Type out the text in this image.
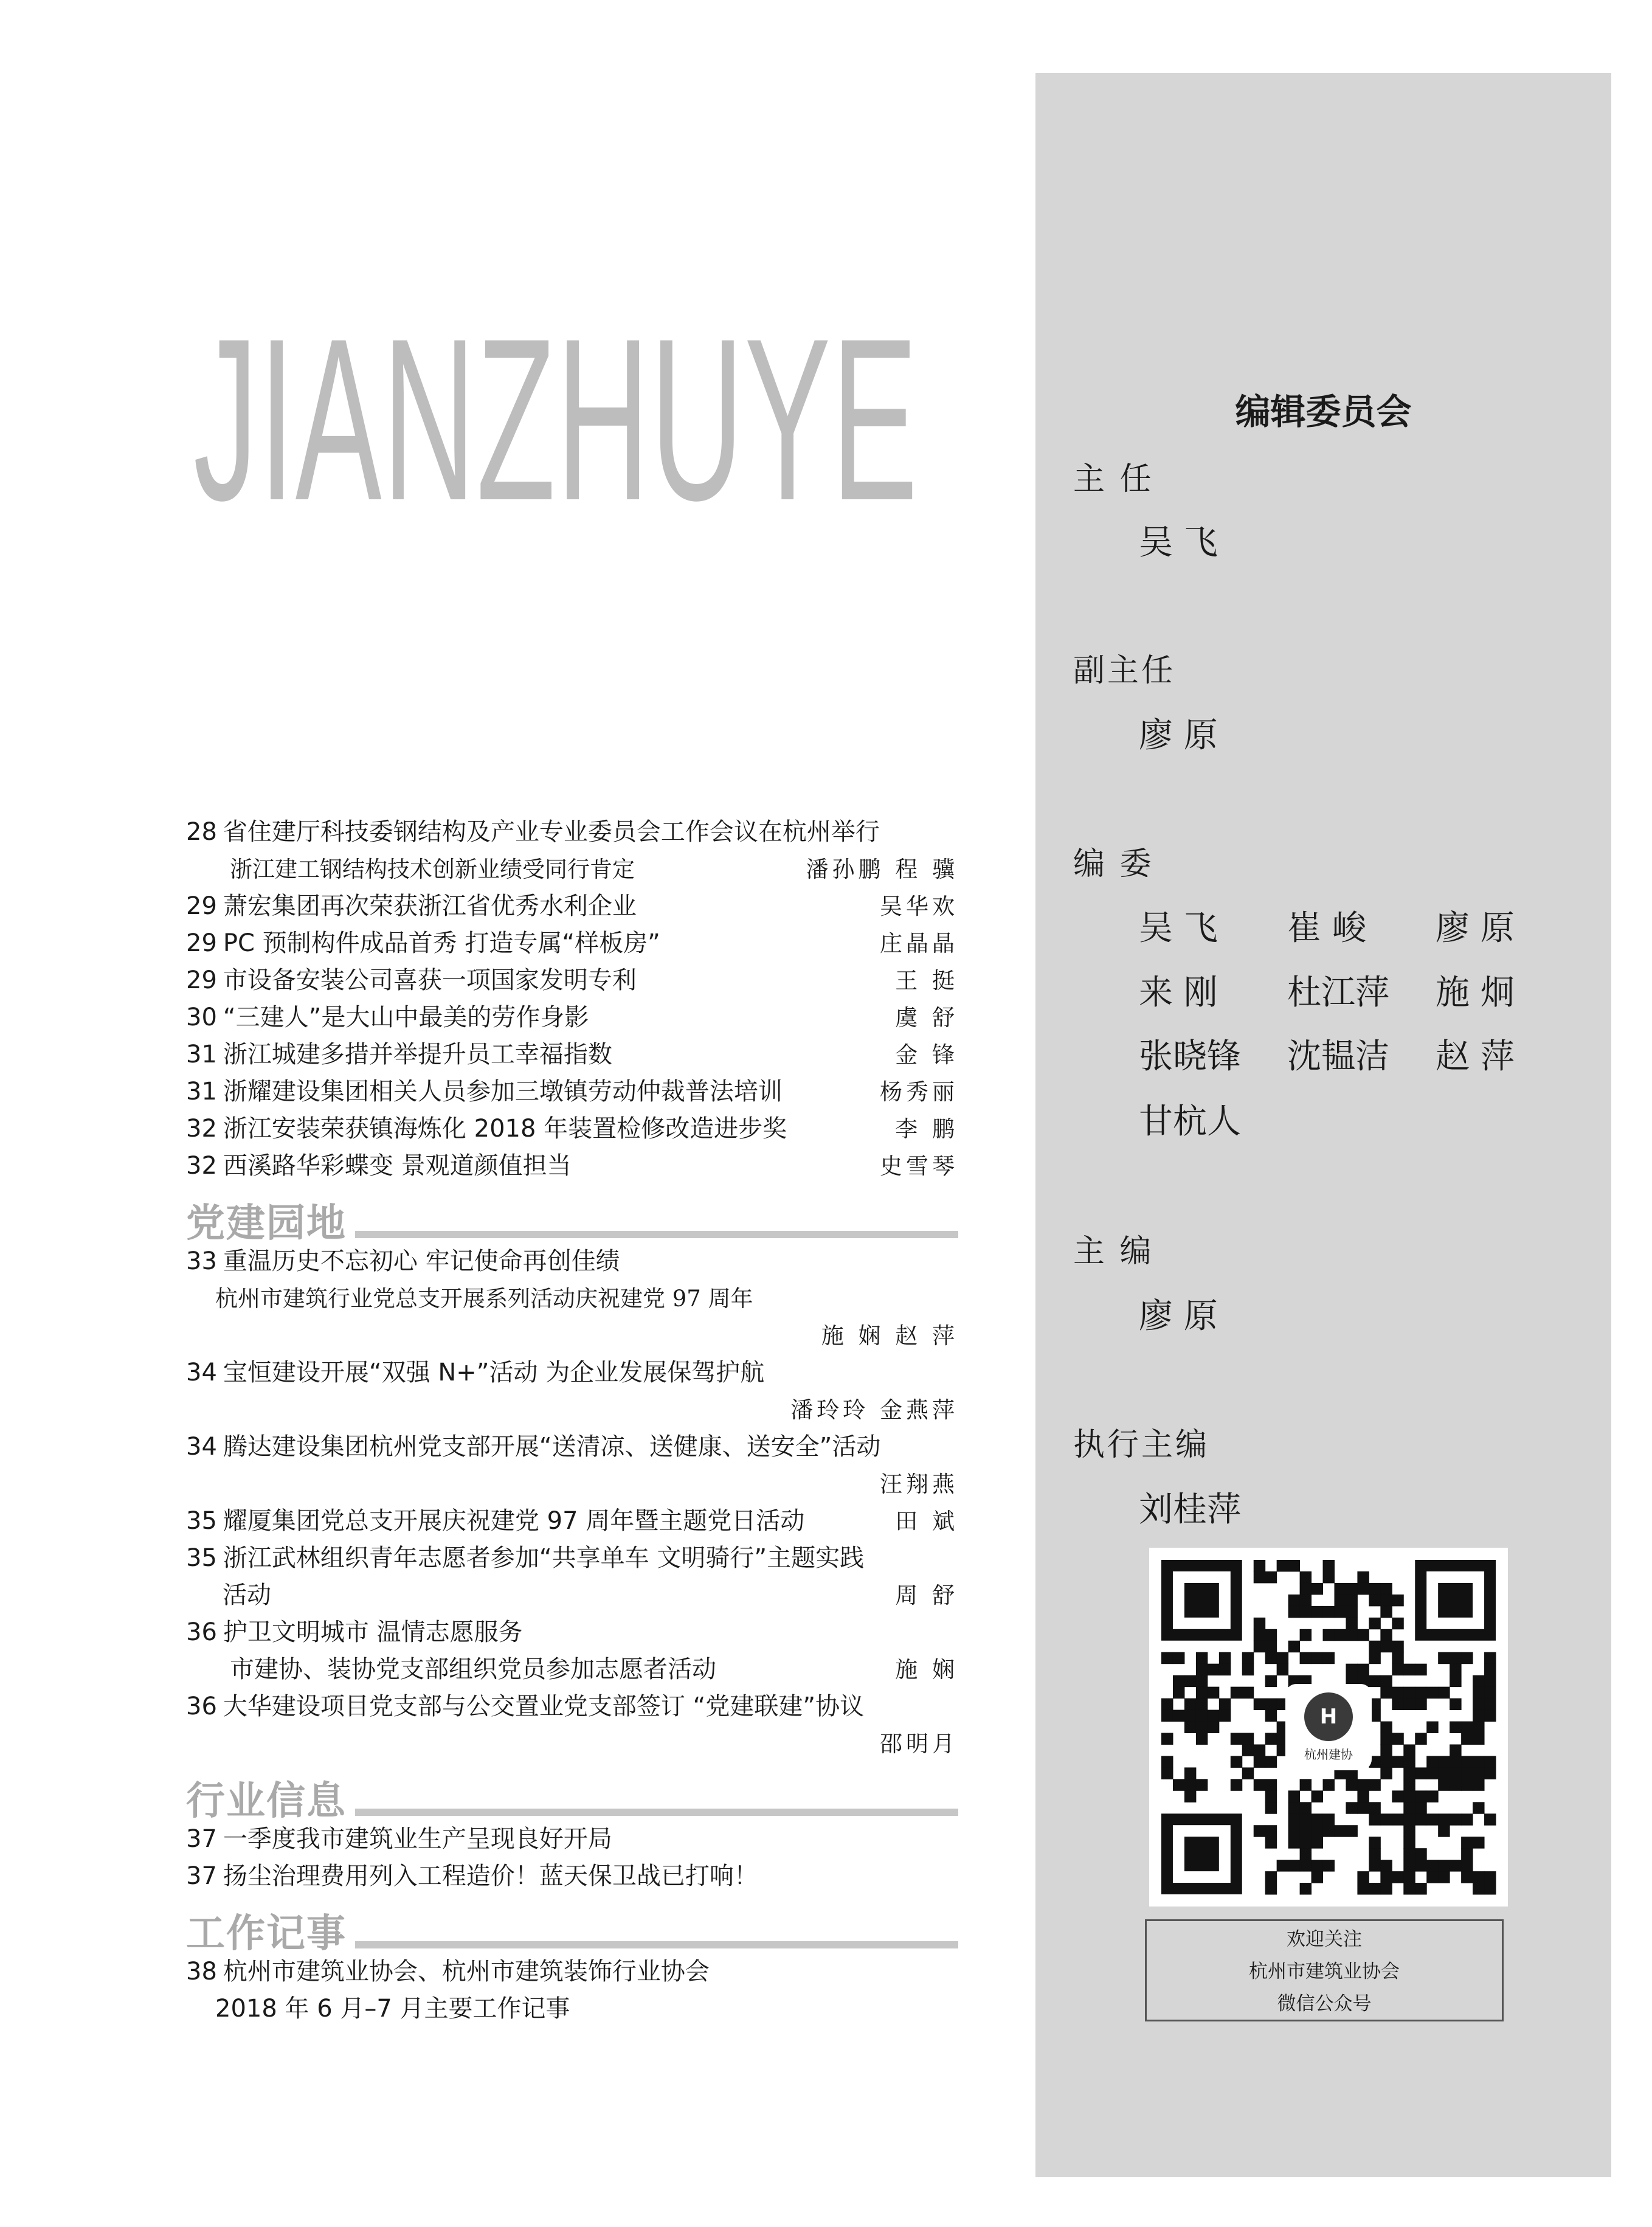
JIANZHUYE
28 省住建厅科技委钢结构及产业专业委员会工作会议在杭州举行
浙江建工钢结构技术创新业绩受同行肯定	潘孙鹏 程 骥
29 萧宏集团再次荣获浙江省优秀水利企业	吴华欢
29 PC 预制构件成品首秀 打造专属“样板房”	庄晶晶
29 市设备安装公司喜获一项国家发明专利	王 挺
30 “三建人”是大山中最美的劳作身影	虞 舒
31 浙江城建多措并举提升员工幸福指数	金 锋
31 浙耀建设集团相关人员参加三墩镇劳动仲裁普法培训	杨秀丽
32 浙江安装荣获镇海炼化 2018 年装置检修改造进步奖	李 鹏
32 西溪路华彩蝶变 景观道颜值担当	史雪琴
党建园地
33 重温历史不忘初心 牢记使命再创佳绩
杭州市建筑行业党总支开展系列活动庆祝建党 97 周年
施 娴 赵 萍
34 宝恒建设开展“双强 N+”活动 为企业发展保驾护航
潘玲玲 金燕萍
34 腾达建设集团杭州党支部开展“送清凉、送健康、送安全”活动
汪翔燕
35 耀厦集团党总支开展庆祝建党 97 周年暨主题党日活动	田 斌
35 浙江武林组织青年志愿者参加“共享单车 文明骑行”主题实践
活动	周 舒
36 护卫文明城市 温情志愿服务
市建协、装协党支部组织党员参加志愿者活动	施 娴
36 大华建设项目党支部与公交置业党支部签订 “党建联建”协议
邵明月
行业信息
37 一季度我市建筑业生产呈现良好开局
37 扬尘治理费用列入工程造价！蓝天保卫战已打响！
工作记事
38 杭州市建筑业协会、杭州市建筑装饰行业协会
2018 年 6 月–7 月主要工作记事
编辑委员会
主 任
吴 飞
副主任
廖 原
编 委
吴 飞 崔 峻 廖 原
来 刚 杜江萍 施 炯
张晓锋 沈韫洁 赵 萍
甘杭人
主 编
廖 原
执行主编
刘桂萍
H
杭州建协
欢迎关注
杭州市建筑业协会
微信公众号
